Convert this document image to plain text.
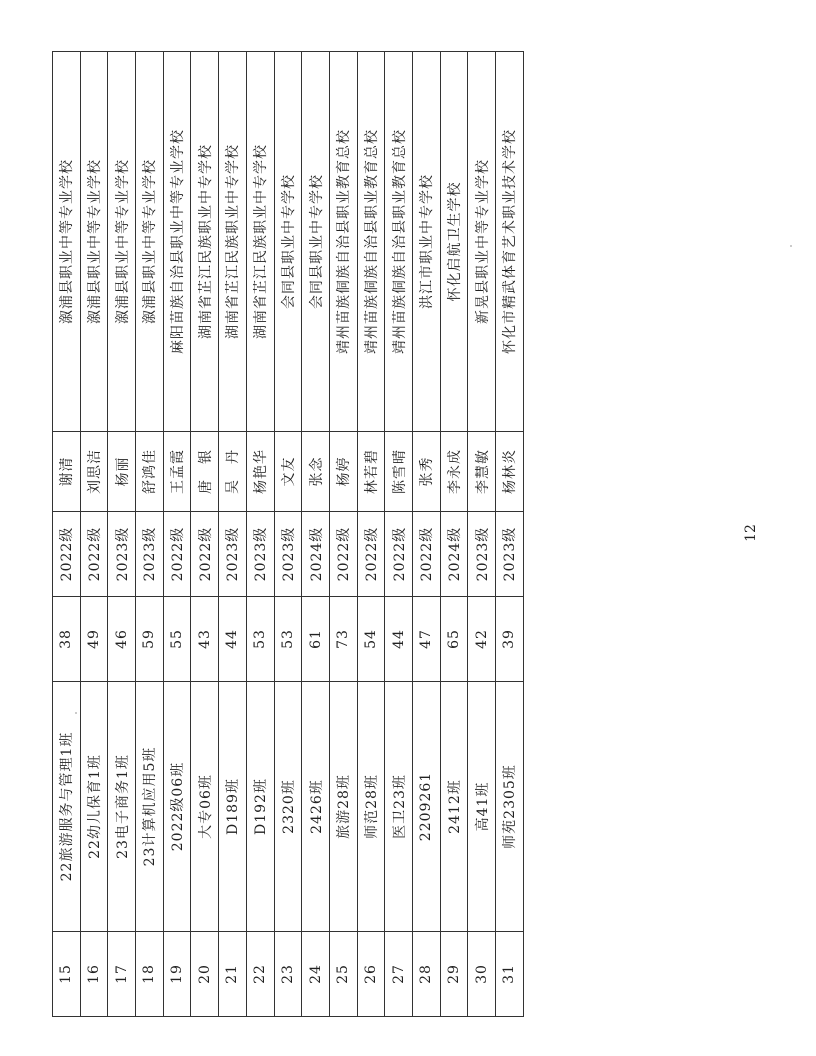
15	22旅游服务与管理1班	38	2022级	谢清	溆浦县职业中等专业学校
16	22幼儿保育1班	49	2022级	刘思洁	溆浦县职业中等专业学校
17	23电子商务1班	46	2023级	杨丽	溆浦县职业中等专业学校
18	23计算机应用5班	59	2023级	舒鸿佳	溆浦县职业中等专业学校
19	2022级06班	55	2022级	王孟霞	麻阳苗族自治县职业中等专业学校
20	大专06班	43	2022级	唐　银	湖南省芷江民族职业中专学校
21	D189班	44	2023级	吴　丹	湖南省芷江民族职业中专学校
22	D192班	53	2023级	杨艳华	湖南省芷江民族职业中专学校
23	2320班	53	2023级	文友	会同县职业中专学校
24	2426班	61	2024级	张念	会同县职业中专学校
25	旅游28班	73	2022级	杨婷	靖州苗族侗族自治县职业教育总校
26	师范28班	54	2022级	林若碧	靖州苗族侗族自治县职业教育总校
27	医卫23班	44	2022级	陈雪晴	靖州苗族侗族自治县职业教育总校
28	2209261	47	2022级	张秀	洪江市职业中专学校
29	2412班	65	2024级	李永成	怀化启航卫生学校
30	高41班	42	2023级	李慧敏	新晃县职业中等专业学校
31	师苑2305班	39	2023级	杨林炎	怀化市精武体育艺术职业技术学校
12
